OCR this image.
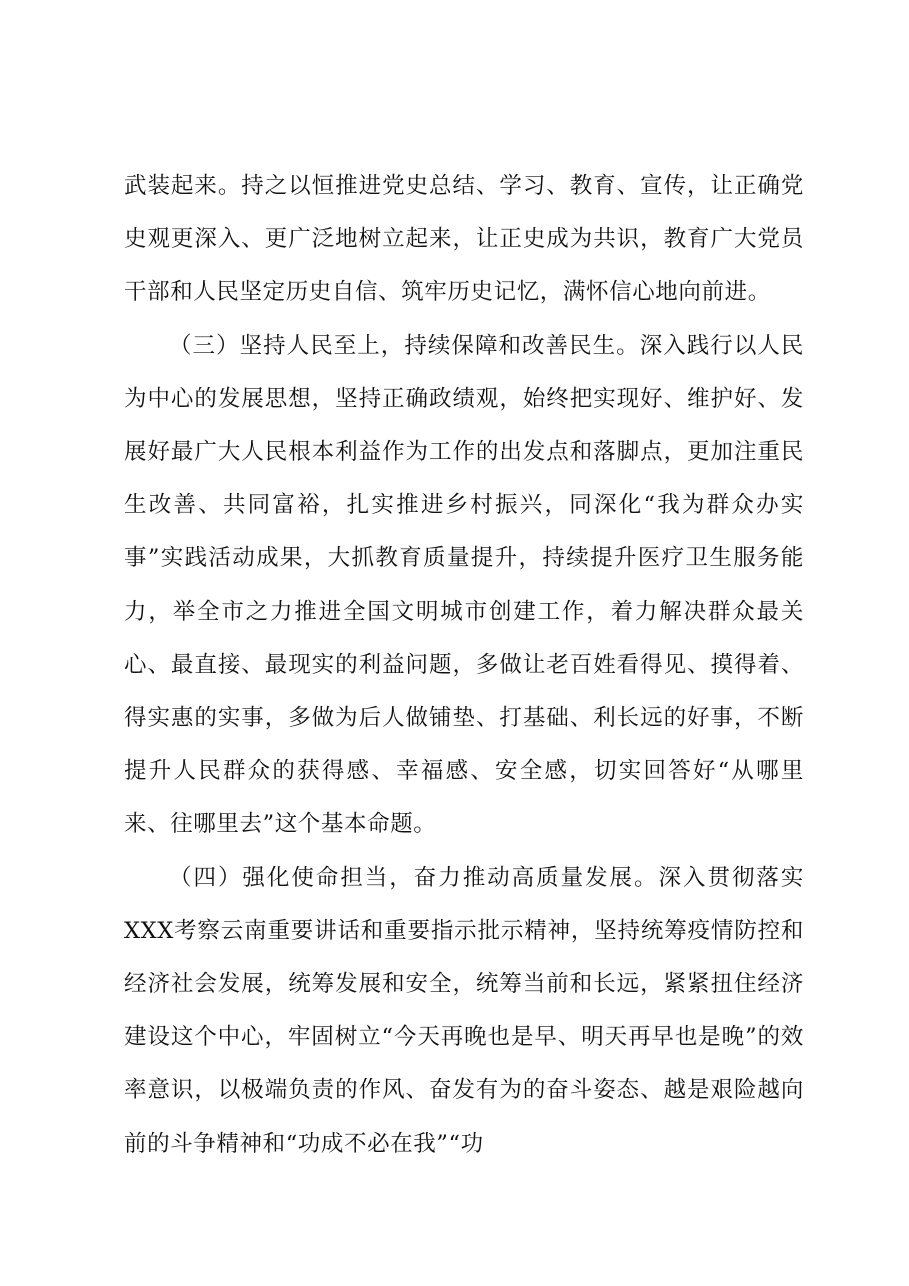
武装起来。持之以恒推进党史总结、学习、教育、宣传，让正确党史观更深入、更广泛地树立起来，让正史成为共识，教育广大党员干部和人民坚定历史自信、筑牢历史记忆，满怀信心地向前进。

（三）坚持人民至上，持续保障和改善民生。深入践行以人民为中心的发展思想，坚持正确政绩观，始终把实现好、维护好、发展好最广大人民根本利益作为工作的出发点和落脚点，更加注重民生改善、共同富裕，扎实推进乡村振兴，同深化“我为群众办实事”实践活动成果，大抓教育质量提升，持续提升医疗卫生服务能力，举全市之力推进全国文明城市创建工作，着力解决群众最关心、最直接、最现实的利益问题，多做让老百姓看得见、摸得着、得实惠的实事，多做为后人做铺垫、打基础、利长远的好事，不断提升人民群众的获得感、幸福感、安全感，切实回答好“从哪里来、往哪里去”这个基本命题。

（四）强化使命担当，奋力推动高质量发展。深入贯彻落实XXX考察云南重要讲话和重要指示批示精神，坚持统筹疫情防控和经济社会发展，统筹发展和安全，统筹当前和长远，紧紧扭住经济建设这个中心，牢固树立“今天再晚也是早、明天再早也是晚”的效率意识，以极端负责的作风、奋发有为的奋斗姿态、越是艰险越向前的斗争精神和“功成不必在我”“功
